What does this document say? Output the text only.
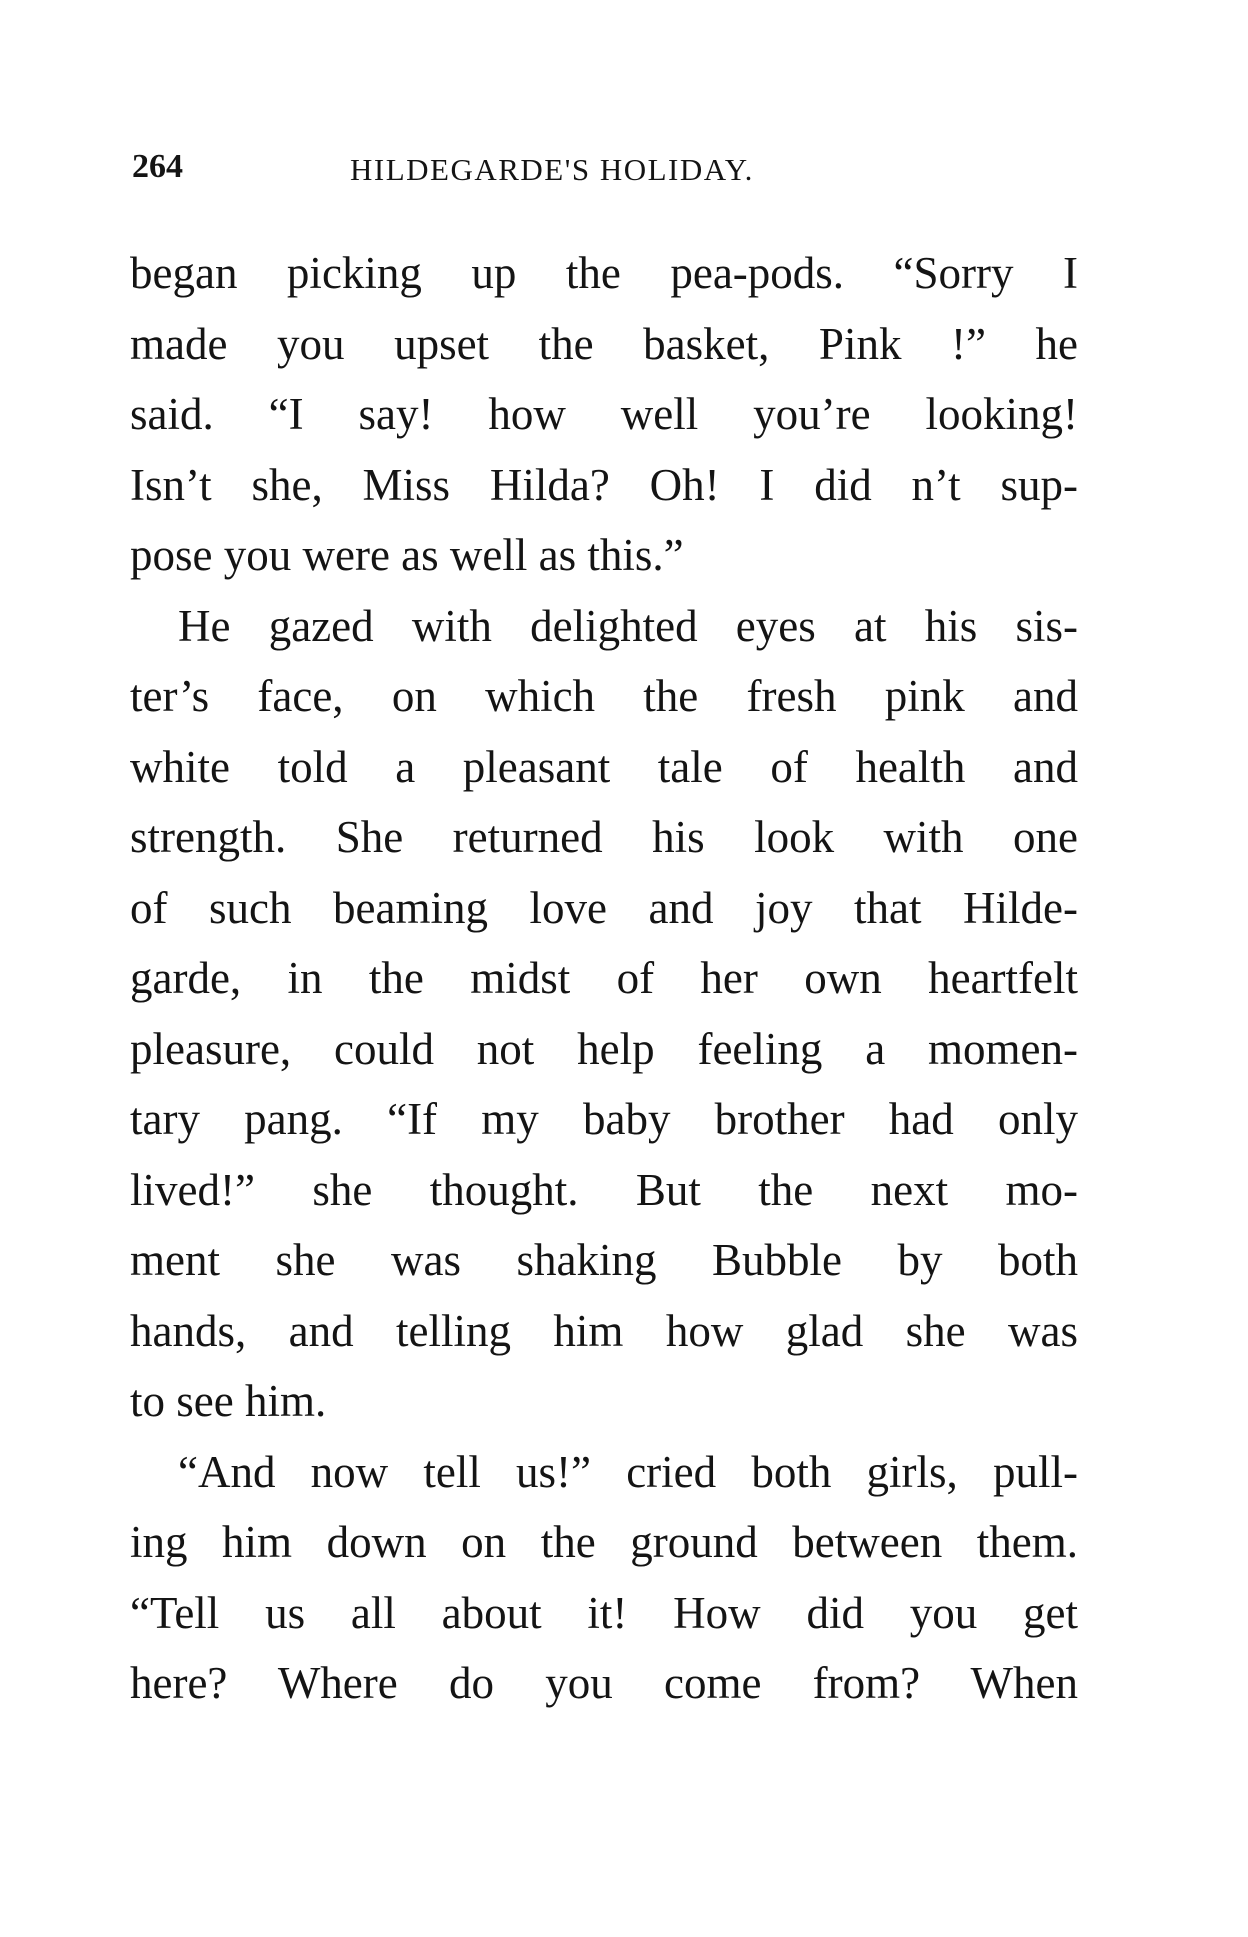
264	HILDEGARDE'S HOLIDAY.
began picking up the pea-pods. “Sorry I
made you upset the basket, Pink !” he
said. “I say! how well you’re looking!
Isn’t she, Miss Hilda? Oh! I did n’t sup-
pose you were as well as this.”
He gazed with delighted eyes at his sis-
ter’s face, on which the fresh pink and
white told a pleasant tale of health and
strength. She returned his look with one
of such beaming love and joy that Hilde-
garde, in the midst of her own heartfelt
pleasure, could not help feeling a momen-
tary pang. “If my baby brother had only
lived!” she thought. But the next mo-
ment she was shaking Bubble by both
hands, and telling him how glad she was
to see him.
“And now tell us!” cried both girls, pull-
ing him down on the ground between them.
“Tell us all about it! How did you get
here? Where do you come from? When
